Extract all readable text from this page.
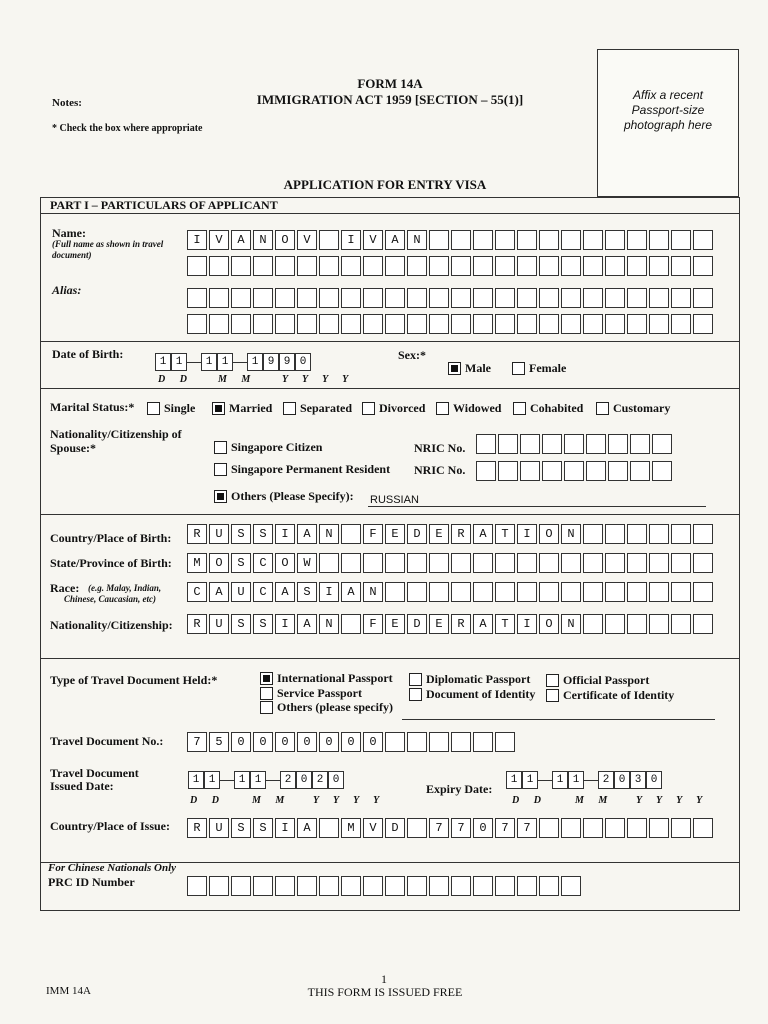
Notes:
* Check the box where appropriate
FORM 14A
IMMIGRATION ACT 1959 [SECTION – 55(1)]	Affix a recent Passport-size photograph here
APPLICATION FOR ENTRY VISA
PART I – PARTICULARS OF APPLICANT
Name:
(Full name as shown in travel document)
I	V	A	N	O	V	I	V	A	N
Alias:
Date of Birth:
1 1	1 1	1 9 9 0
D D	M M	Y Y Y Y
Sex:*
Male	Female
Marital Status:* Single	Married Separated Divorced Widowed Cohabited Customary
Nationality/Citizenship of Spouse:*	Singapore Citizen	NRIC No.
Singapore Permanent Resident NRIC No.
Others (Please Specify): RUSSIAN
Country/Place of Birth:	R	U	S	S	I	A	N	F	E	D	E	R	A	T	I	O	N
State/Province of Birth:	M	O	S	C	O	W
Race: (e.g. Malay, Indian, Chinese, Caucasian, etc)	C	A	U	C	A	S	I	A	N
Nationality/Citizenship:	R	U	S	S	I	A	N	F	E	D	E	R	A	T	I	O	N
Type of Travel Document Held:*	International Passport	Diplomatic Passport	Official Passport
Service Passport	Document of Identity Certificate of Identity
Others (please specify)
Travel Document No.:	7	5	0	0	0	0	0	0	0
Travel Document Issued Date:	1 1	1 1	2 0 2 0
D D	M M Y Y Y Y
Expiry Date:
1 1	1 1	2 0 3 0
D D	M M Y Y Y Y
Country/Place of Issue:	R	U	S	S	I	A	M	V	D	7	7	0	7	7
For Chinese Nationals Only
PRC ID Number
1
IMM 14A	THIS FORM IS ISSUED FREE
